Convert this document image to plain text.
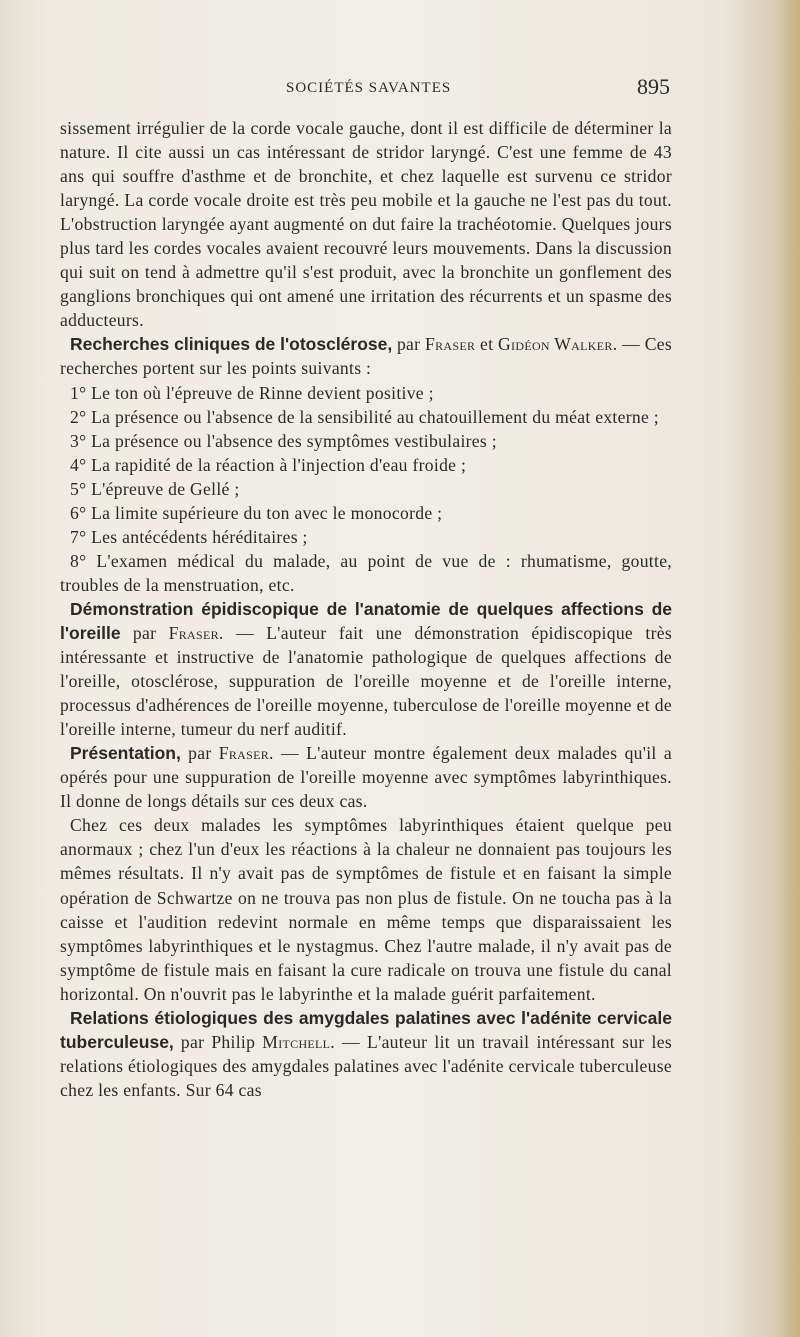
SOCIÉTÉS SAVANTES	895

sissement irrégulier de la corde vocale gauche, dont il est difficile de déterminer la nature. Il cite aussi un cas intéressant de stridor laryngé. C'est une femme de 43 ans qui souffre d'asthme et de bronchite, et chez laquelle est survenu ce stridor laryngé. La corde vocale droite est très peu mobile et la gauche ne l'est pas du tout. L'obstruction laryngée ayant augmenté on dut faire la trachéotomie. Quelques jours plus tard les cordes vocales avaient recouvré leurs mouvements. Dans la discussion qui suit on tend à admettre qu'il s'est produit, avec la bronchite un gonflement des ganglions bronchiques qui ont amené une irritation des récurrents et un spasme des adducteurs.

Recherches cliniques de l'otosclérose, par Fraser et Gidéon Walker. — Ces recherches portent sur les points suivants :

1° Le ton où l'épreuve de Rinne devient positive ;

2° La présence ou l'absence de la sensibilité au chatouillement du méat externe ;

3° La présence ou l'absence des symptômes vestibulaires ;

4° La rapidité de la réaction à l'injection d'eau froide ;

5° L'épreuve de Gellé ;

6° La limite supérieure du ton avec le monocorde ;

7° Les antécédents héréditaires ;

8° L'examen médical du malade, au point de vue de : rhumatisme, goutte, troubles de la menstruation, etc.

Démonstration épidiscopique de l'anatomie de quelques affections de l'oreille par Fraser. — L'auteur fait une démonstration épidiscopique très intéressante et instructive de l'anatomie pathologique de quelques affections de l'oreille, otosclérose, suppuration de l'oreille moyenne et de l'oreille interne, processus d'adhérences de l'oreille moyenne, tuberculose de l'oreille moyenne et de l'oreille interne, tumeur du nerf auditif.

Présentation, par Fraser. — L'auteur montre également deux malades qu'il a opérés pour une suppuration de l'oreille moyenne avec symptômes labyrinthiques. Il donne de longs détails sur ces deux cas.

Chez ces deux malades les symptômes labyrinthiques étaient quelque peu anormaux ; chez l'un d'eux les réactions à la chaleur ne donnaient pas toujours les mêmes résultats. Il n'y avait pas de symptômes de fistule et en faisant la simple opération de Schwartze on ne trouva pas non plus de fistule. On ne toucha pas à la caisse et l'audition redevint normale en même temps que disparaissaient les symptômes labyrinthiques et le nystagmus. Chez l'autre malade, il n'y avait pas de symptôme de fistule mais en faisant la cure radicale on trouva une fistule du canal horizontal. On n'ouvrit pas le labyrinthe et la malade guérit parfaitement.

Relations étiologiques des amygdales palatines avec l'adénite cervicale tuberculeuse, par Philip Mitchell. — L'auteur lit un travail intéressant sur les relations étiologiques des amygdales palatines avec l'adénite cervicale tuberculeuse chez les enfants. Sur 64 cas
